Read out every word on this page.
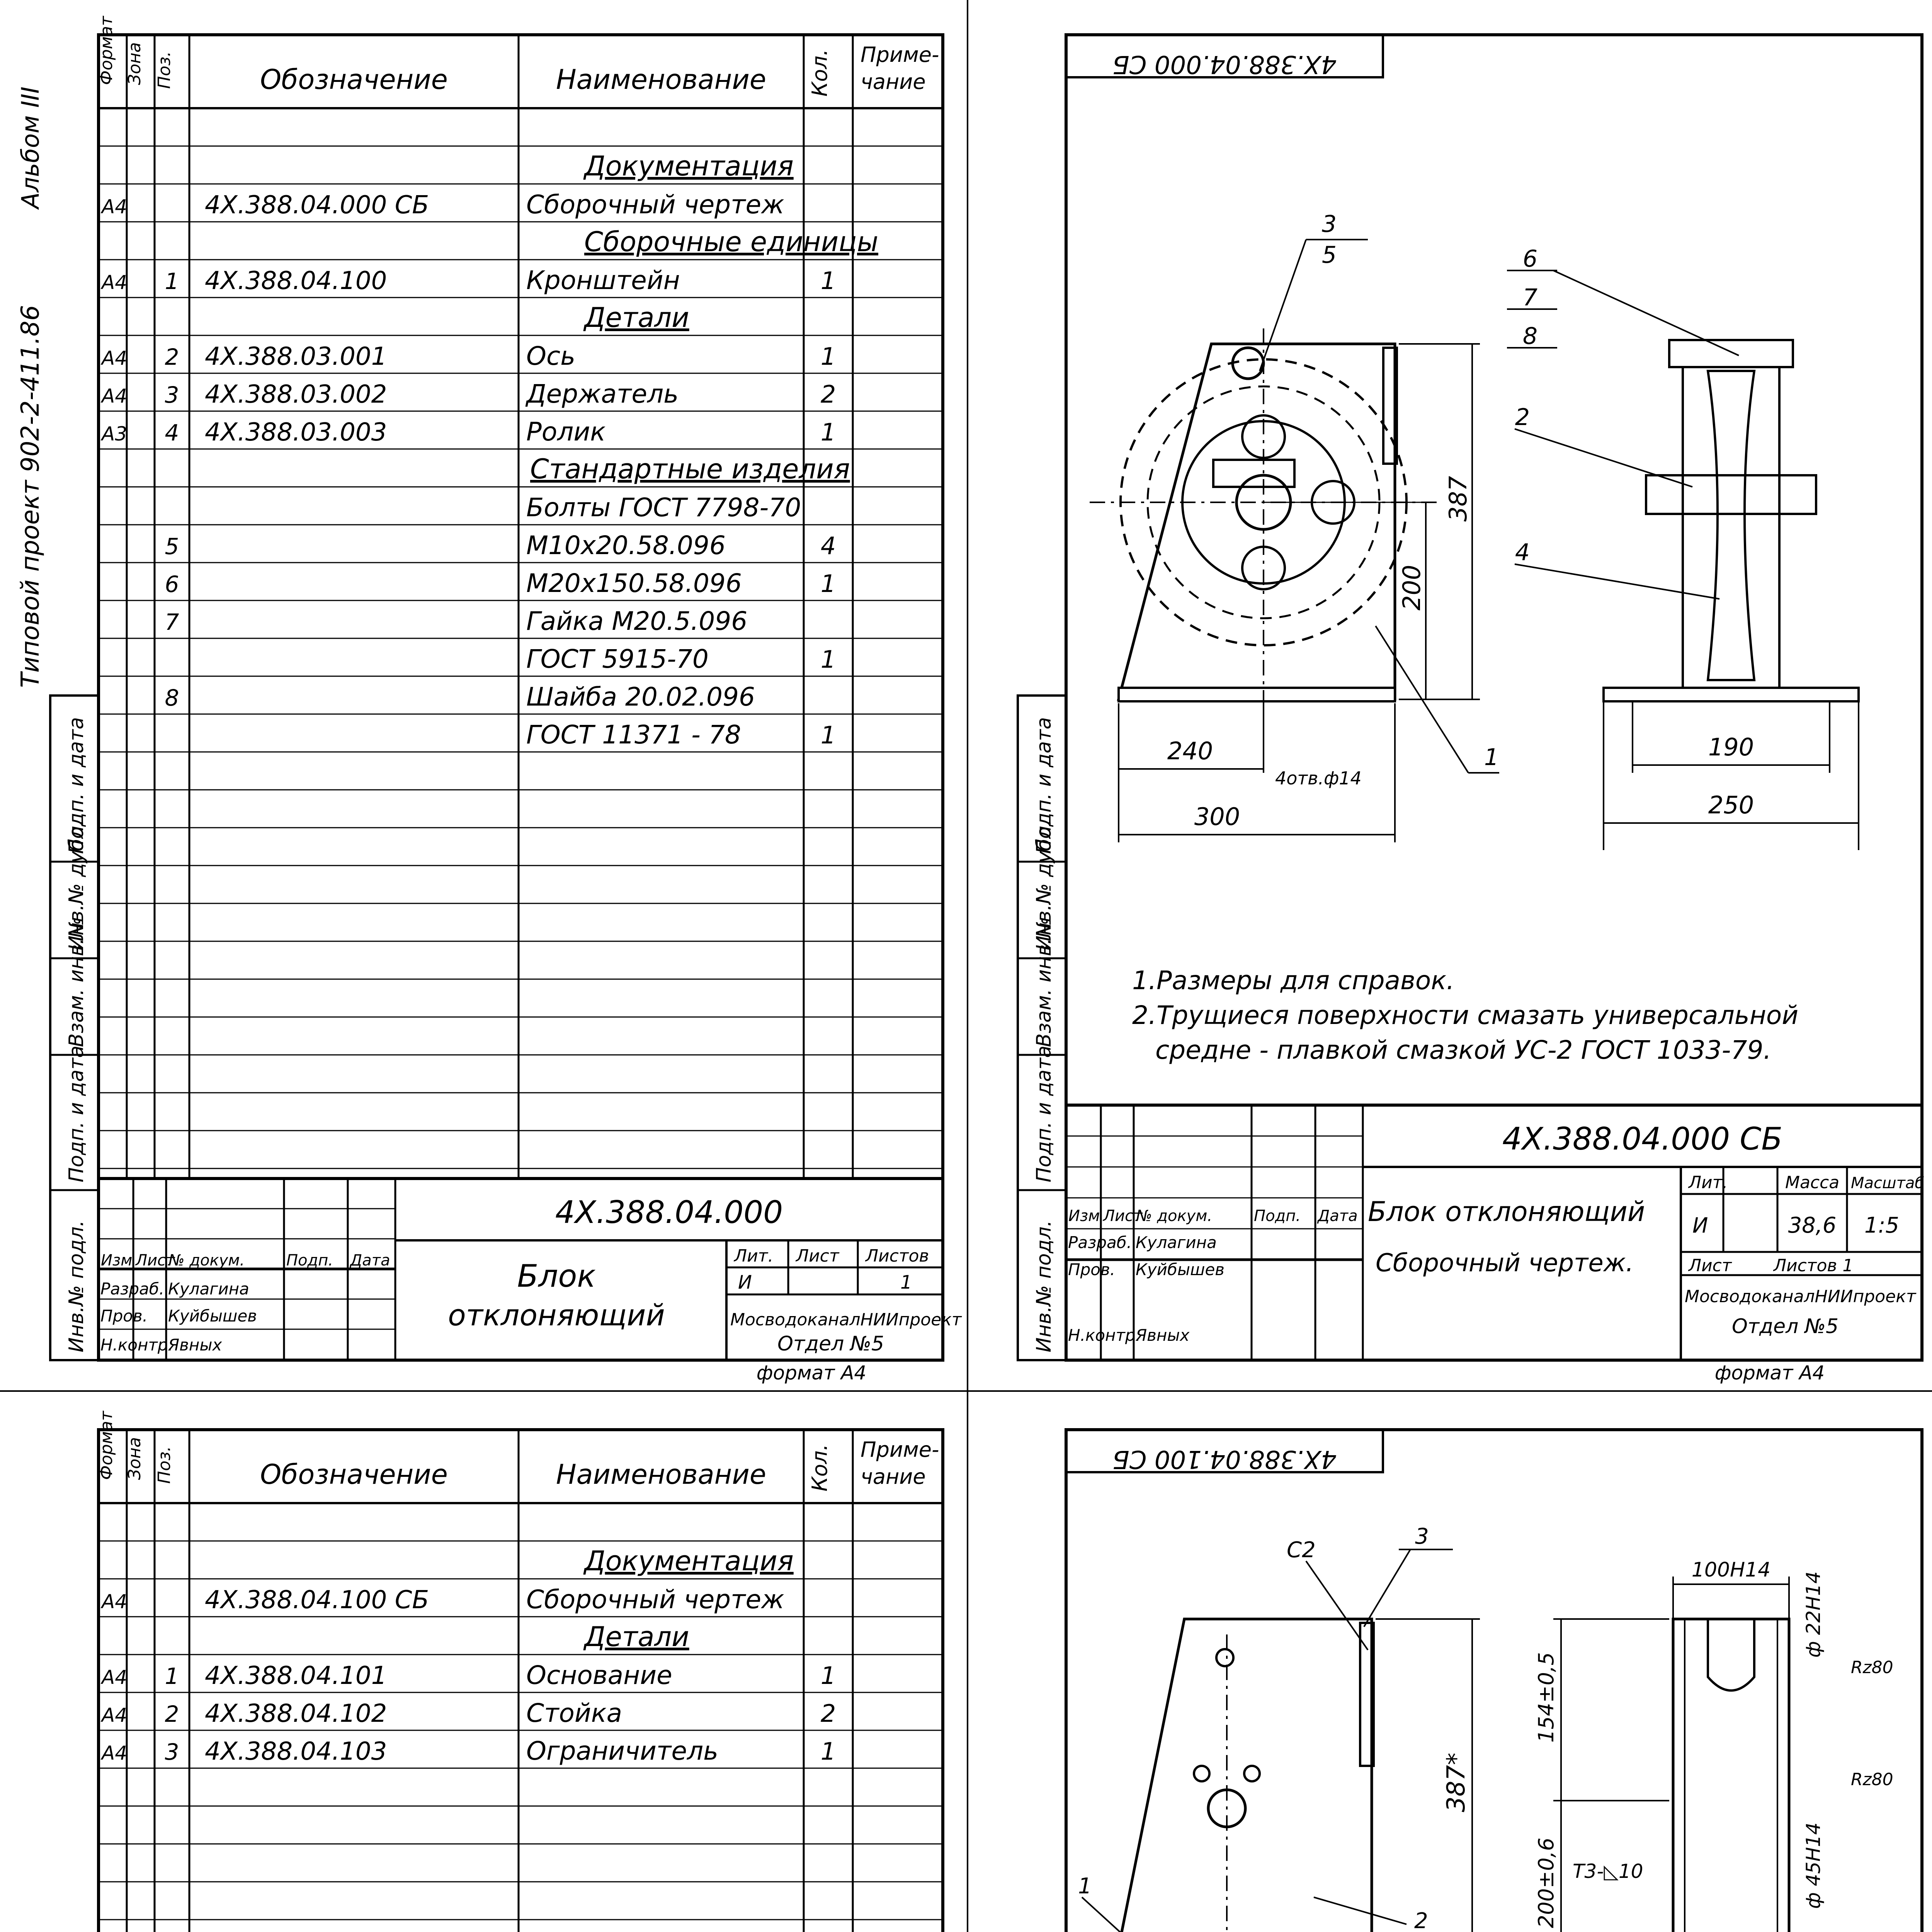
Формат Зона Поз.	Обозначение	Наименование Кол. Приме-
чание
Документация
А4	4Х.388.04.000 СБ	Сборочный чертеж
Сборочные единицы
А4 1 4Х.388.04.100	Кронштейн	1
Детали
А4 2 4Х.388.03.001	Ось	1
А4 3 4Х.388.03.002	Держатель	2
А3 4 4Х.388.03.003	Ролик	1
Стандартные изделия
Болты ГОСТ 7798-70
5	М10х20.58.096	4
6	М20х150.58.096	1
7	Гайка М20.5.096
ГОСТ 5915-70	1
8	Шайба 20.02.096
ГОСТ 11371 - 78	1
Подп. и дата
Инв.№ дубл.
Взам. инв.№
Подп. и дата
Инв.№ подл. Изм Лист
№ докум.	Подп. Дата
Разраб. Кулагина
Пров. Куйбышев
Н.контр.
Явных
4Х.388.04.000
Лит. Лист Листов
И	1
МосводоканалНИИпроект
Отдел №5
Блок
отклоняющий
формат А4
Альбом III
Типовой проект 902-2-411.86
Формат Зона Поз.	Обозначение	Наименование Кол. Приме-
чание
Документация
А4	4Х.388.04.100 СБ	Сборочный чертеж
Детали
А4 1 4Х.388.04.101	Основание	1
А4 2 4Х.388.04.102	Стойка	2
А4 3 4Х.388.04.103	Ограничитель	1
Подп. и дата
Инв.№ дубл.
Взам. инв.№
Подп. и дата
Инв.№ подл.
4Х.388.04.000 СБ
387
200
240
300
4отв.ф14
3
5
1	190
250
6
7
8
2
4
1.Размеры для справок.
2.Трущиеся поверхности смазать универсальной
средне - плавкой смазкой УС-2 ГОСТ 1033-79.
4Х.388.04.000 СБ
Изм Лист
№ докум.	Подп. Дата
Разраб. Кулагина
Пров. Куйбышев
Н.контр.
Явных
Блок отклоняющий
Сборочный чертеж.
Лит.	Масса Масштаб
И	38,6 1:5
Лист Листов 1
МосводоканалНИИпроект
Отдел №5
формат А4
4Х.388.04.100 СБ
387*
С2
3
1
2
100Н14
ф 22Н14
Rz80
Rz80
ф 45Н14
154±0,5
200±0,6 Т3-◺10
